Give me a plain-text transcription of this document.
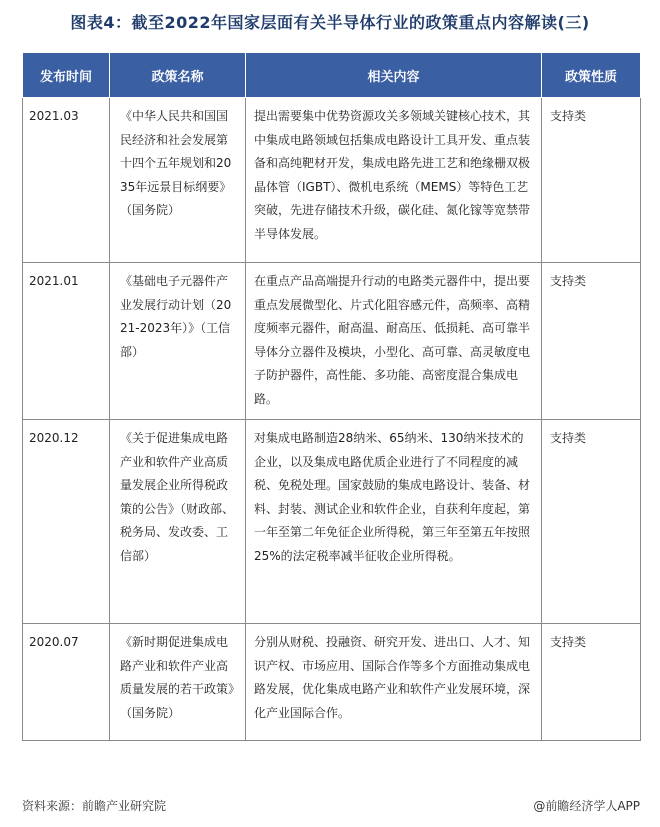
图表4：截至2022年国家层面有关半导体行业的政策重点内容解读(三)
发布时间	政策名称	相关内容	政策性质
2021.03	《中华人民共和国国民经济和社会发展第十四个五年规划和2035年远景目标纲要》（国务院）	提出需要集中优势资源攻关多领域关键核心技术，其中集成电路领域包括集成电路设计工具开发、重点装备和高纯靶材开发，集成电路先进工艺和绝缘栅双极晶体管（IGBT）、微机电系统（MEMS）等特色工艺突破，先进存储技术升级，碳化硅、氮化镓等宽禁带半导体发展。	支持类
2021.01	《基础电子元器件产业发展行动计划（2021-2023年）》（工信部）	在重点产品高端提升行动的电路类元器件中，提出要重点发展微型化、片式化阻容感元件，高频率、高精度频率元器件，耐高温、耐高压、低损耗、高可靠半导体分立器件及模块，小型化、高可靠、高灵敏度电子防护器件，高性能、多功能、高密度混合集成电路。	支持类
2020.12	《关于促进集成电路产业和软件产业高质量发展企业所得税政策的公告》（财政部、税务局、发改委、工信部）	对集成电路制造28纳米、65纳米、130纳米技术的企业，以及集成电路优质企业进行了不同程度的减税、免税处理。国家鼓励的集成电路设计、装备、材料、封装、测试企业和软件企业，自获利年度起，第一年至第二年免征企业所得税，第三年至第五年按照25%的法定税率减半征收企业所得税。	支持类
2020.07	《新时期促进集成电路产业和软件产业高质量发展的若干政策》（国务院）	分别从财税、投融资、研究开发、进出口、人才、知识产权、市场应用、国际合作等多个方面推动集成电路发展，优化集成电路产业和软件产业发展环境，深化产业国际合作。	支持类
资料来源：前瞻产业研究院	@前瞻经济学人APP
